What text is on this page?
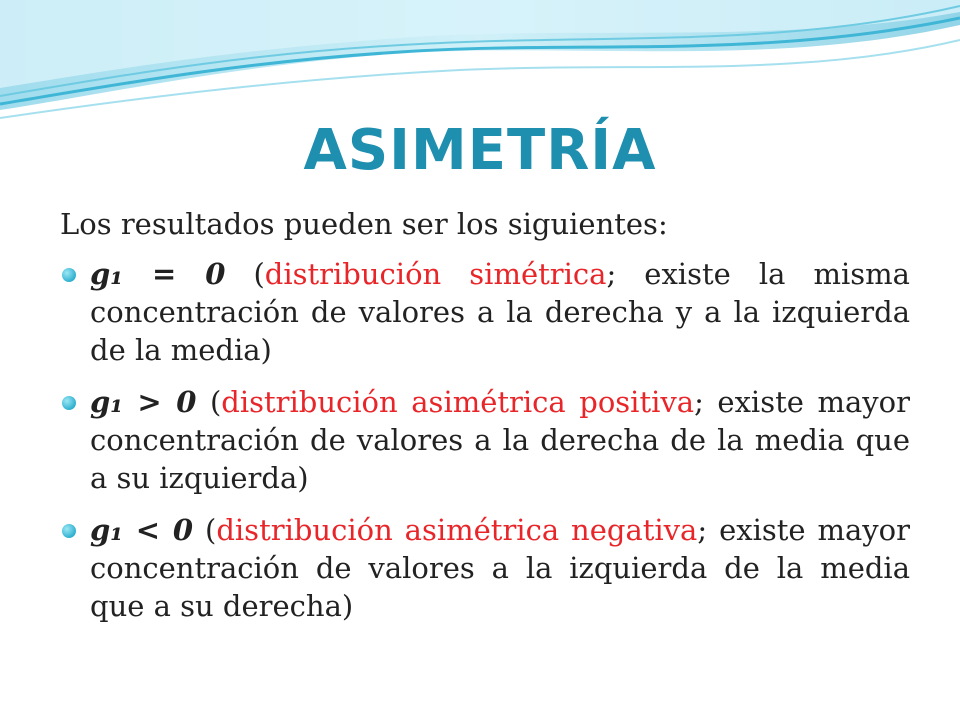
ASIMETRÍA

Los resultados pueden ser los siguientes:

g₁ = 0 (distribución simétrica; existe la misma concentración de valores a la derecha y a la izquierda de la media)
g₁ > 0 (distribución asimétrica positiva; existe mayor concentración de valores a la derecha de la media que a su izquierda)
g₁ < 0 (distribución asimétrica negativa; existe mayor concentración de valores a la izquierda de la media que a su derecha)
